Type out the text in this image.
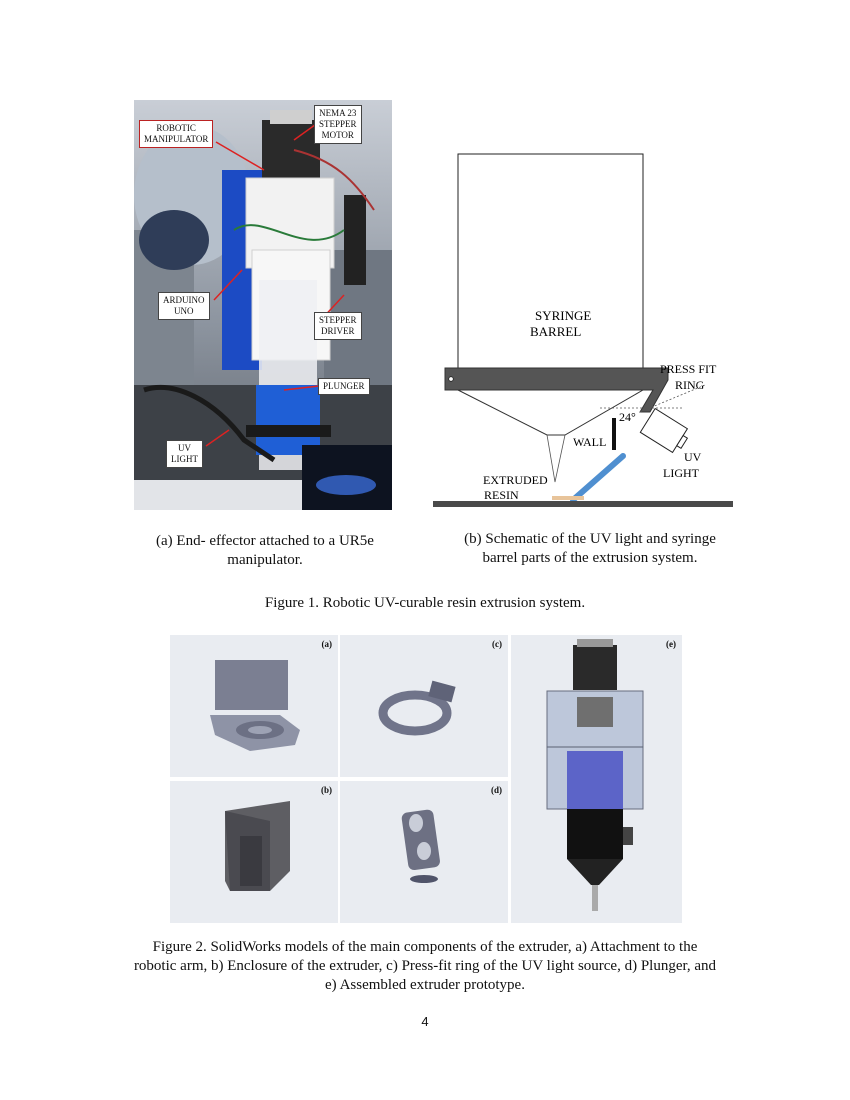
ROBOTIC
MANIPULATOR
NEMA 23
STEPPER
MOTOR
ARDUINO
UNO
STEPPER
DRIVER
PLUNGER
UV
LIGHT
SYRINGE
BARREL
PRESS FIT
RING
24°
WALL
UV
LIGHT
EXTRUDED
RESIN
(a) End- effector attached to a UR5e
manipulator.
(b) Schematic of the UV light and syringe
barrel parts of the extrusion system.
Figure 1. Robotic UV-curable resin extrusion system.
(a)	(c)	(e)
(b)	(d)
Figure 2. SolidWorks models of the main components of the extruder, a) Attachment to the
robotic arm, b) Enclosure of the extruder, c) Press-fit ring of the UV light source, d) Plunger, and
e) Assembled extruder prototype.
4
